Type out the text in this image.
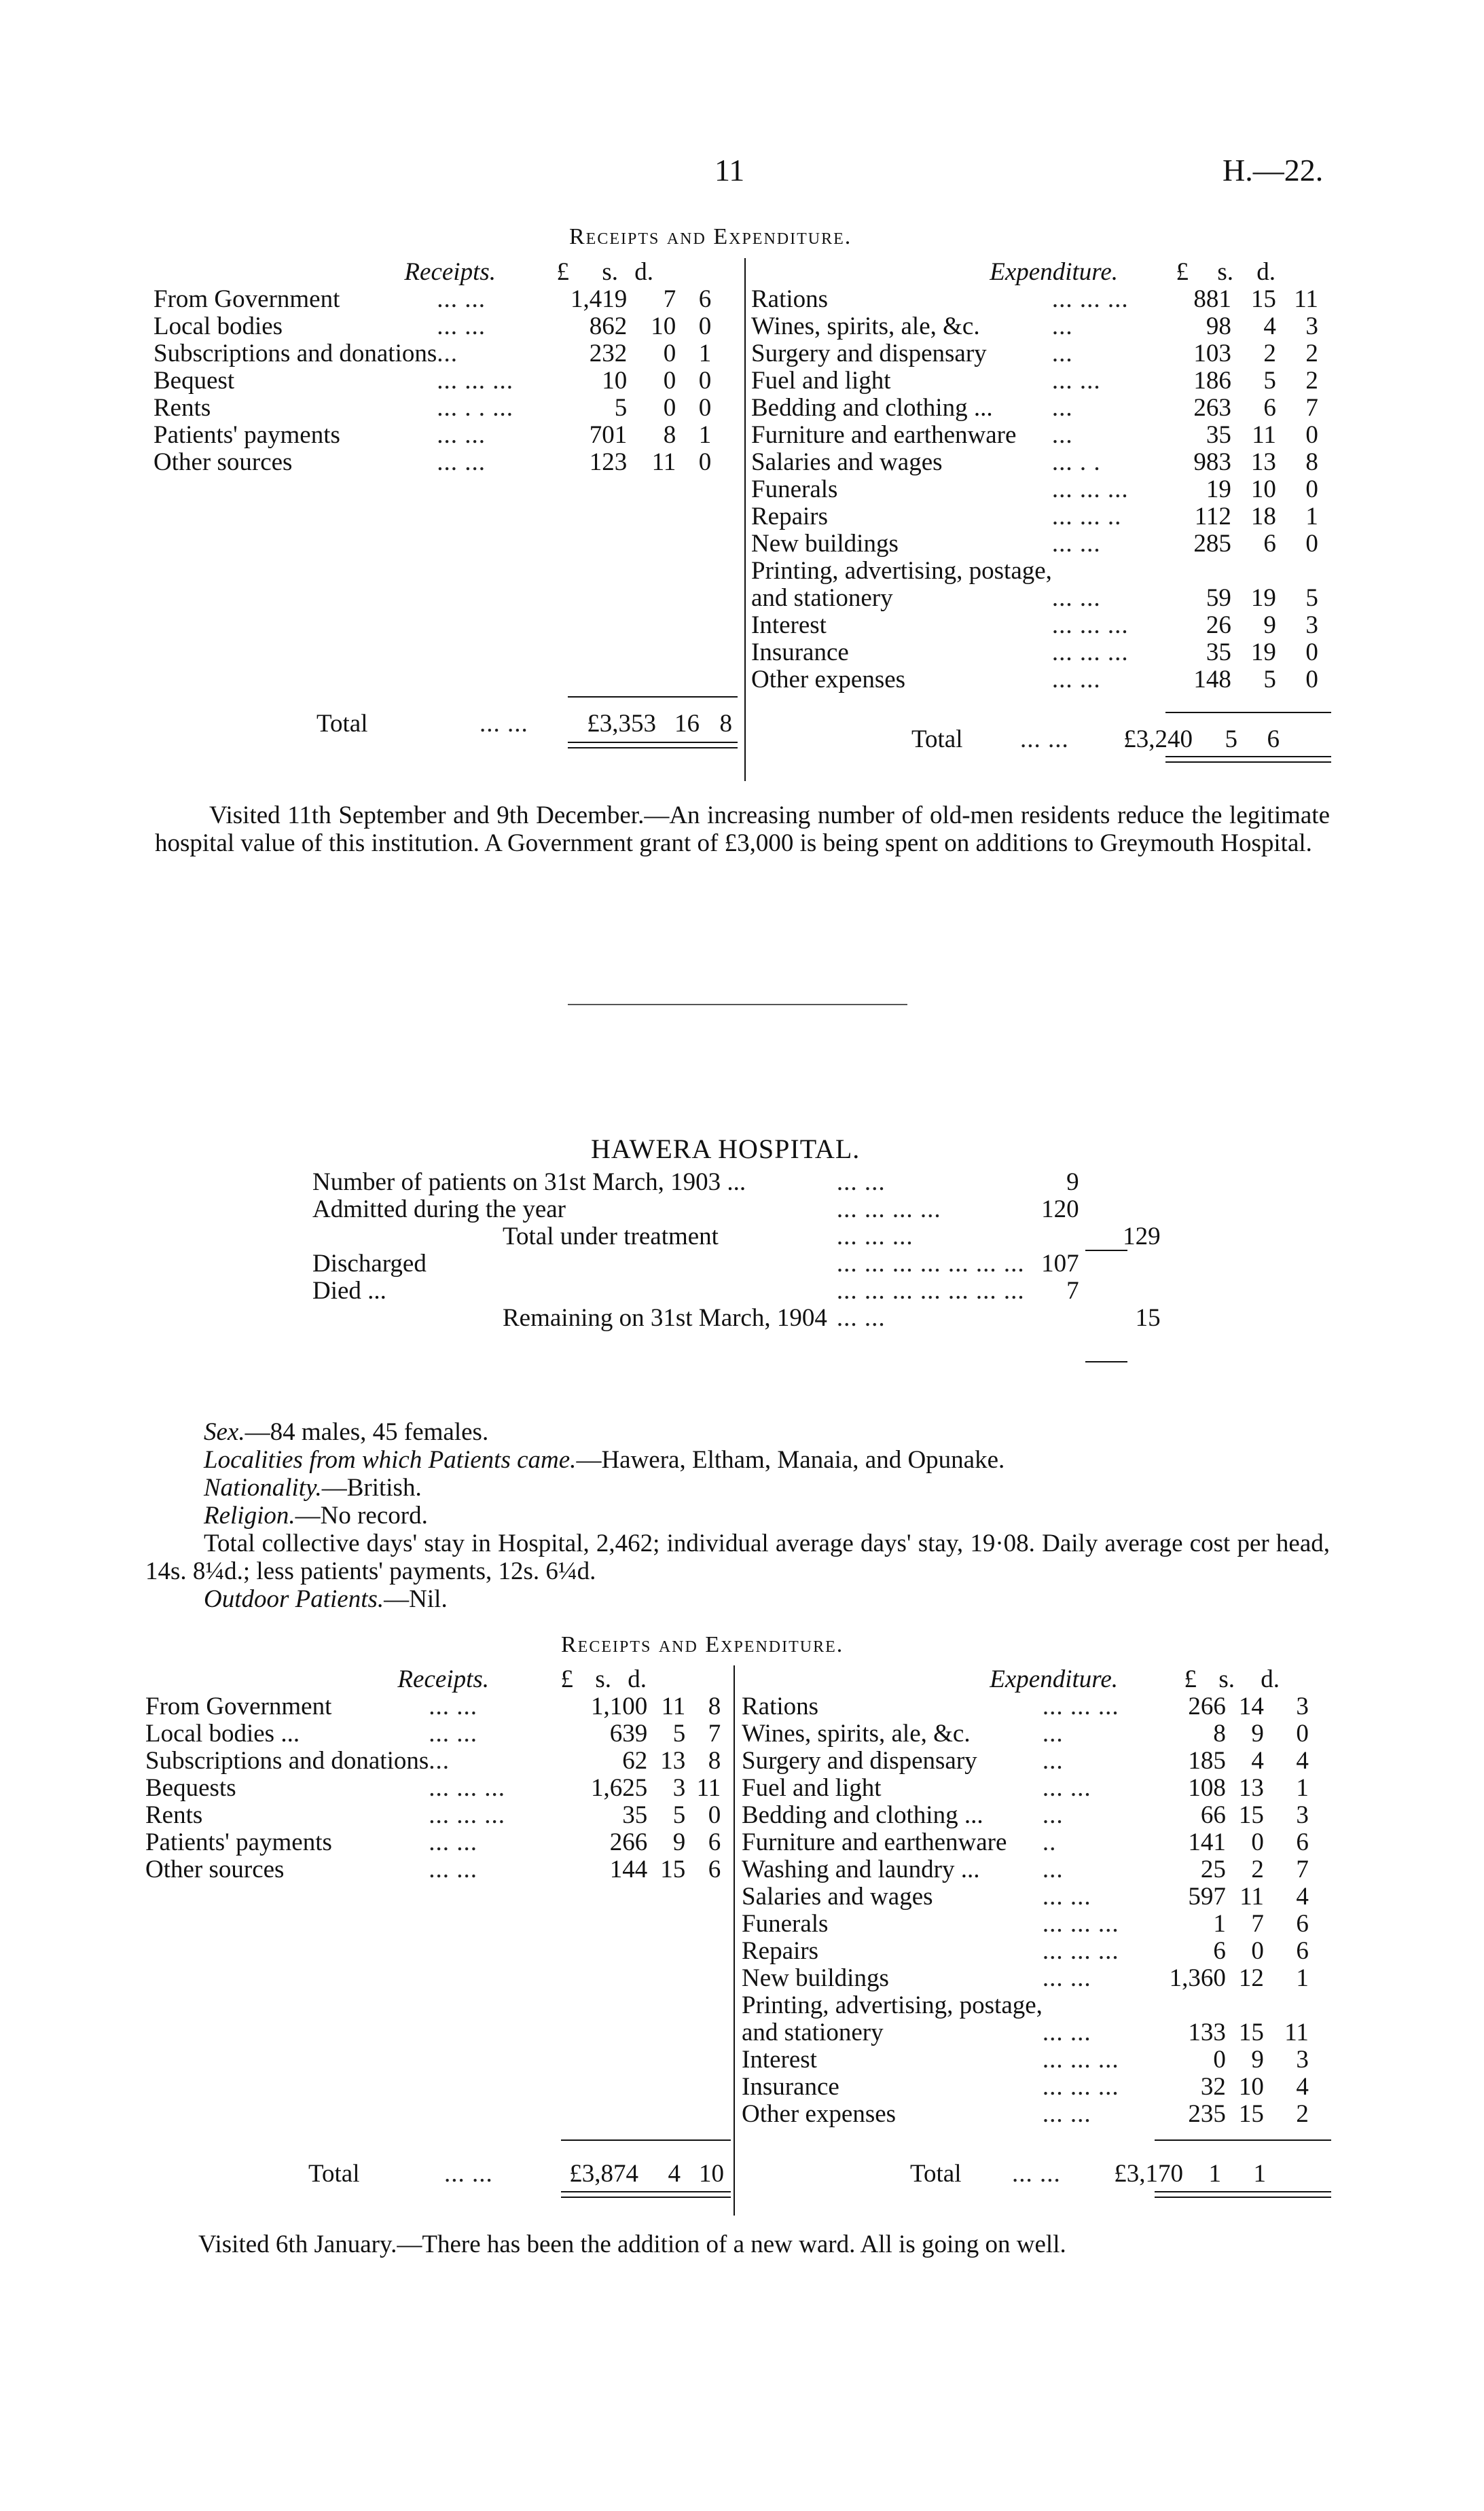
11	H.—22.
Receipts and Expenditure.
Receipts.	£	s.	d.
From Government	... ...	1,419	7	6
Local bodies	... ...	862	10	0
Subscriptions and donations	...	232	0	1
Bequest	... ... ...	10	0	0
Rents	... . . ...	5	0	0
Patients' payments	... ...	701	8	1
Other sources	... ...	123	11	0
Expenditure.	£	s.	d.
Rations	... ... ...	881	15	11
Wines, spirits, ale, &c.	...	98	4	3
Surgery and dispensary	...	103	2	2
Fuel and light	... ...	186	5	2
Bedding and clothing ...	...	263	6	7
Furniture and earthenware	...	35	11	0
Salaries and wages	... . .	983	13	8
Funerals	... ... ...	19	10	0
Repairs	... ... ..	112	18	1
New buildings	... ...	285	6	0
Printing, advertising, postage,				
and stationery	... ...	59	19	5
Interest	... ... ...	26	9	3
Insurance	... ... ...	35	19	0
Other expenses	... ...	148	5	0
Total	... ...	£3,353	16	8
Total	... ...	£3,240	5	6
Visited 11th September and 9th December.—An increasing number of old-men residents reduce the legitimate hospital value of this institution. A Government grant of £3,000 is being spent on additions to Greymouth Hospital.
HAWERA HOSPITAL.
Number of patients on 31st March, 1903 ...	... ...	9	
Admitted during the year	... ... ... ...	120	
Total under treatment	... ... ...		129
Discharged	... ... ... ... ... ... ...	107	
Died ...	... ... ... ... ... ... ...	7	
Remaining on 31st March, 1904	... ...		15
Sex.—84 males, 45 females.
Localities from which Patients came.—Hawera, Eltham, Manaia, and Opunake.
Nationality.—British.
Religion.—No record.
Total collective days' stay in Hospital, 2,462; individual average days' stay, 19·08. Daily average cost per head, 14s. 8¼d.; less patients' payments, 12s. 6¼d.
Outdoor Patients.—Nil.
Receipts and Expenditure.
Receipts.	£	s.	d.
From Government	... ...	1,100	11	8
Local bodies ...	... ...	639	5	7
Subscriptions and donations	...	62	13	8
Bequests	... ... ...	1,625	3	11
Rents	... ... ...	35	5	0
Patients' payments	... ...	266	9	6
Other sources	... ...	144	15	6
Expenditure.	£	s.	d.
Rations	... ... ...	266	14	3
Wines, spirits, ale, &c.	...	8	9	0
Surgery and dispensary	...	185	4	4
Fuel and light	... ...	108	13	1
Bedding and clothing ...	...	66	15	3
Furniture and earthenware	..	141	0	6
Washing and laundry ...	...	25	2	7
Salaries and wages	... ...	597	11	4
Funerals	... ... ...	1	7	6
Repairs	... ... ...	6	0	6
New buildings	... ...	1,360	12	1
Printing, advertising, postage,				
and stationery	... ...	133	15	11
Interest	... ... ...	0	9	3
Insurance	... ... ...	32	10	4
Other expenses	... ...	235	15	2
Total	... ...	£3,874	4	10	Total	... ...	£3,170	1	1
Visited 6th January.—There has been the addition of a new ward. All is going on well.
